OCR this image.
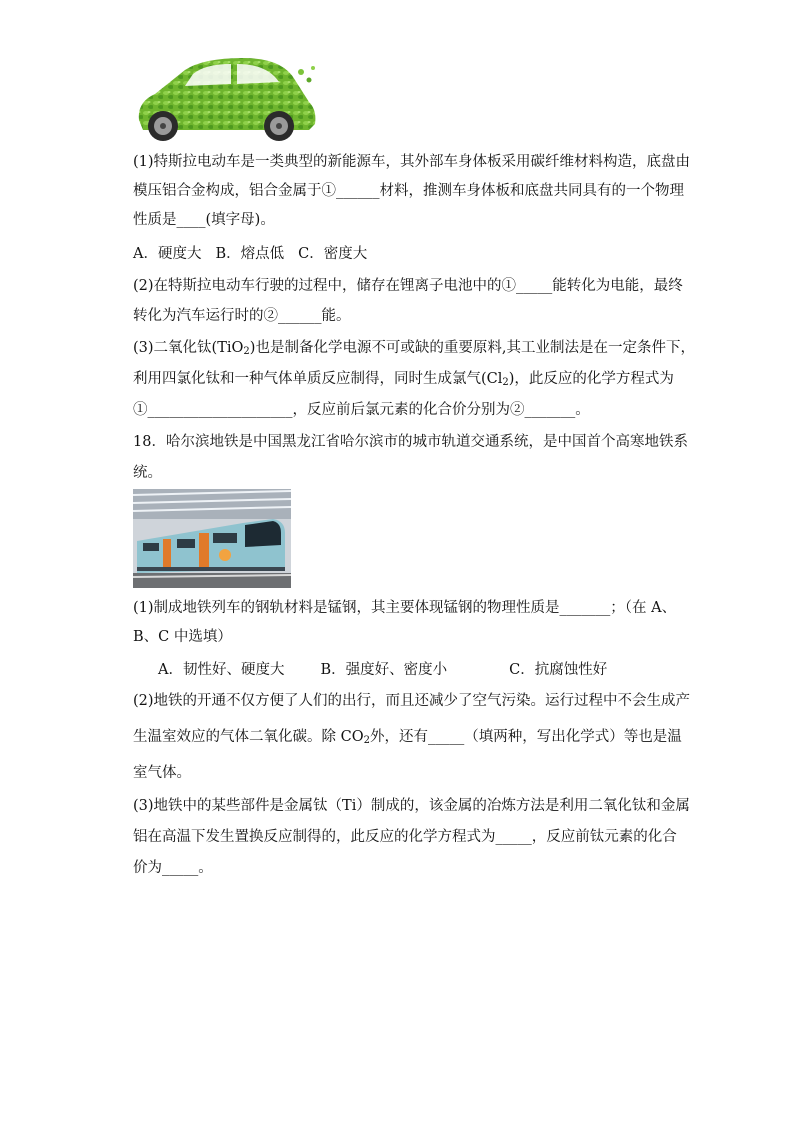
(1)特斯拉电动车是一类典型的新能源车，其外部车身体板采用碳纤维材料构造，底盘由
模压铝合金构成，铝合金属于①______材料，推测车身体板和底盘共同具有的一个物理
性质是____(填字母)。
A．硬度大 B．熔点低 C．密度大
(2)在特斯拉电动车行驶的过程中，储存在锂离子电池中的①_____能转化为电能，最终
转化为汽车运行时的②______能。
(3)二氧化钛(TiO$_2$)也是制备化学电源不可或缺的重要原料,其工业制法是在一定条件下，
利用四氯化钛和一种气体单质反应制得，同时生成氯气$(Cl_2)$，此反应的化学方程式为
①____________________，反应前后氯元素的化合价分别为②_______。
18．哈尔滨地铁是中国黑龙江省哈尔滨市的城市轨道交通系统，是中国首个高寒地铁系
统。
(1)制成地铁列车的钢轨材料是锰钢，其主要体现锰钢的物理性质是_______；（在 A、
B、C 中选填）
A．韧性好、硬度大 B．强度好、密度小	C．抗腐蚀性好
(2)地铁的开通不仅方便了人们的出行，而且还减少了空气污染。运行过程中不会生成产
生温室效应的气体二氧化碳。除 $CO_2$外，还有_____（填两种，写出化学式）等也是温
室气体。
(3)地铁中的某些部件是金属钛（Ti）制成的，该金属的冶炼方法是利用二氧化钛和金属
铝在高温下发生置换反应制得的，此反应的化学方程式为_____，反应前钛元素的化合
价为_____。
